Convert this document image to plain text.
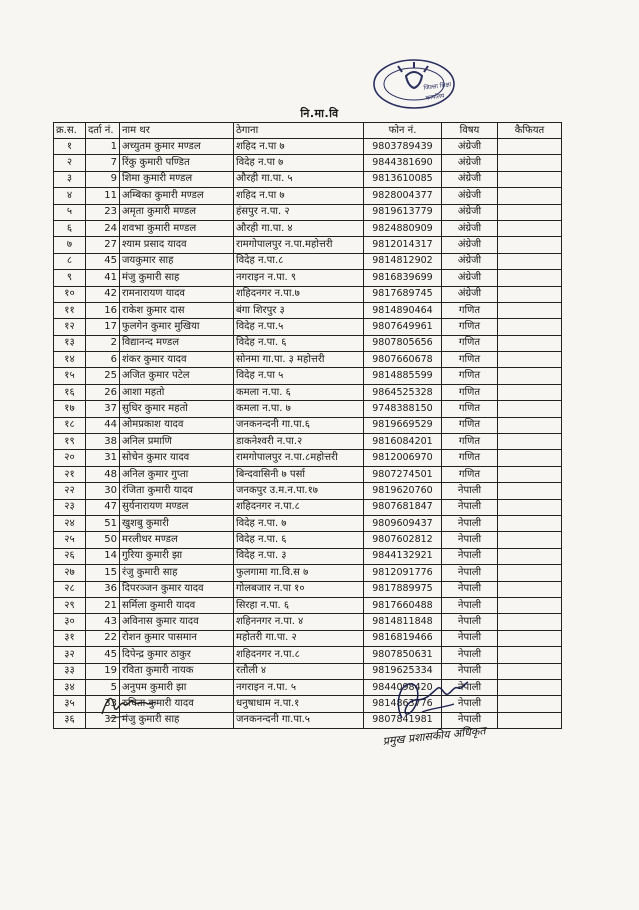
जिल्ला शिक्षा
कार्यालय
नि.मा.वि
क्र.स.	दर्ता नं.	नाम थर	ठेगाना	फोन नं.	विषय	कैफियत
१	1	अच्युतम कुमार मण्डल	शहिद न.पा ७	9803789439	अंग्रेजी	
२	7	रिंकु कुमारी पण्डित	विदेह न.पा ७	9844381690	अंग्रेजी	
३	9	शिमा कुमारी मण्डल	औरही गा.पा. ५	9813610085	अंग्रेजी	
४	11	अम्बिका कुमारी मण्डल	शहिद न.पा ७	9828004377	अंग्रेजी	
५	23	अमृता कुमारी मण्डल	हंसपुर न.पा. २	9819613779	अंग्रेजी	
६	24	शवभा कुमारी मण्डल	औरही गा.पा. ४	9824880909	अंग्रेजी	
७	27	श्याम प्रसाद यादव	रामगोपालपुर न.पा.महोत्तरी	9812014317	अंग्रेजी	
८	45	जयकुमार साह	विदेह न.पा.८	9814812902	अंग्रेजी	
९	41	मंजु कुमारी साह	नगराइन न.पा. ९	9816839699	अंग्रेजी	
१०	42	रामनारायण यादव	शहिदनगर न.पा.७	9817689745	अंग्रेजी	
११	16	राकेश कुमार दास	बंगा शिरपुर ३	9814890464	गणित	
१२	17	फुलगेन कुमार मुखिया	विदेह न.पा.५	9807649961	गणित	
१३	2	विद्यानन्द मण्डल	विदेह न.पा. ६	9807805656	गणित	
१४	6	शंकर कुमार यादव	सोनमा गा.पा. ३ महोत्तरी	9807660678	गणित	
१५	25	अजित कुमार पटेल	विदेह न.पा ५	9814885599	गणित	
१६	26	आशा महतो	कमला न.पा. ६	9864525328	गणित	
१७	37	सुधिर कुमार महतो	कमला न.पा. ७	9748388150	गणित	
१८	44	ओमप्रकाश यादव	जनकनन्दनी गा.पा.६	9819669529	गणित	
१९	38	अनिल प्रमाणि	डाकनेश्वरी न.पा.२	9816084201	गणित	
२०	31	सोचेन कुमार यादव	रामगोपालपुर न.पा.८महोत्तरी	9812006970	गणित	
२१	48	अनिल कुमार गुप्ता	बिन्दवासिनी ७ पर्सा	9807274501	गणित	
२२	30	रंजिता कुमारी यादव	जनकपुर उ.म.न.पा.१७	9819620760	नेपाली	
२३	47	सुर्यनारायण मण्डल	शहिदनगर न.पा.८	9807681847	नेपाली	
२४	51	खुशबु कुमारी	विदेह न.पा. ७	9809609437	नेपाली	
२५	50	मरलीधर मण्डल	विदेह न.पा. ६	9807602812	नेपाली	
२६	14	गुरिया कुमारी झा	विदेह न.पा. ३	9844132921	नेपाली	
२७	15	रंजु कुमारी साह	फुलगामा गा.वि.स ७	9812091776	नेपाली	
२८	36	दिपरञ्जन कुमार यादव	गोलबजार न.पा १०	9817889975	नेपाली	
२९	21	सर्मिला कुमारी यादव	सिरहा न.पा. ६	9817660488	नेपाली	
३०	43	अविनास कुमार यादव	शहिननगर न.पा. ४	9814811848	नेपाली	
३१	22	रोशन कुमार पासमान	महोतरी गा.पा. २	9816819466	नेपाली	
३२	45	दिपेन्द्र कुमार ठाकुर	शहिदनगर न.पा.८	9807850631	नेपाली	
३३	19	रविता कुमारी नायक	रतौली ४	9819625334	नेपाली	
३४	5	अनुपम कुमारी झा	नगराइन न.पा. ५	9844098420	नेपाली	
३५	33	रुचिता कुमारी यादव	धनुषाधाम न.पा.१	9814863776	नेपाली	
३६	32	मंजु कुमारी साह	जनकनन्दनी गा.पा.५	9807841981	नेपाली	
प्रमुख प्रशासकीय अधिकृत
